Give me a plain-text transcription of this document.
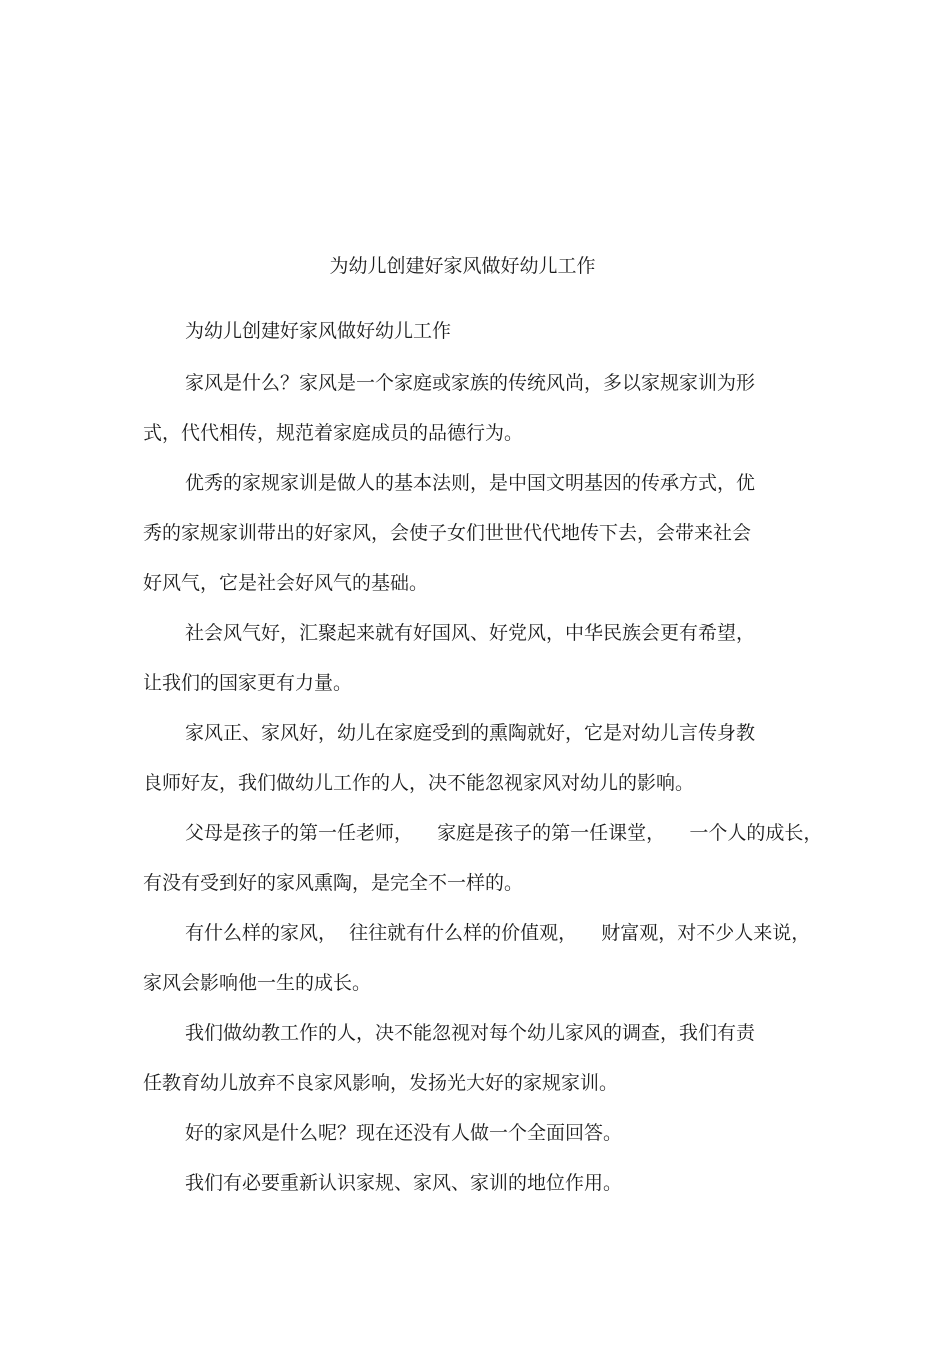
为幼儿创建好家风做好幼儿工作
为幼儿创建好家风做好幼儿工作
家风是什么？家风是一个家庭或家族的传统风尚，多以家规家训为形
式，代代相传，规范着家庭成员的品德行为。
优秀的家规家训是做人的基本法则，是中国文明基因的传承方式，优
秀的家规家训带出的好家风，会使子女们世世代代地传下去，会带来社会
好风气，它是社会好风气的基础。
社会风气好，汇聚起来就有好国风、好党风，中华民族会更有希望，
让我们的国家更有力量。
家风正、家风好，幼儿在家庭受到的熏陶就好，它是对幼儿言传身教
良师好友，我们做幼儿工作的人，决不能忽视家风对幼儿的影响。
父母是孩子的第一任老师，    家庭是孩子的第一任课堂，    一个人的成长，
有没有受到好的家风熏陶，是完全不一样的。
有什么样的家风，  往往就有什么样的价值观，    财富观，对不少人来说，
家风会影响他一生的成长。
我们做幼教工作的人，决不能忽视对每个幼儿家风的调查，我们有责
任教育幼儿放弃不良家风影响，发扬光大好的家规家训。
好的家风是什么呢？现在还没有人做一个全面回答。
我们有必要重新认识家规、家风、家训的地位作用。
